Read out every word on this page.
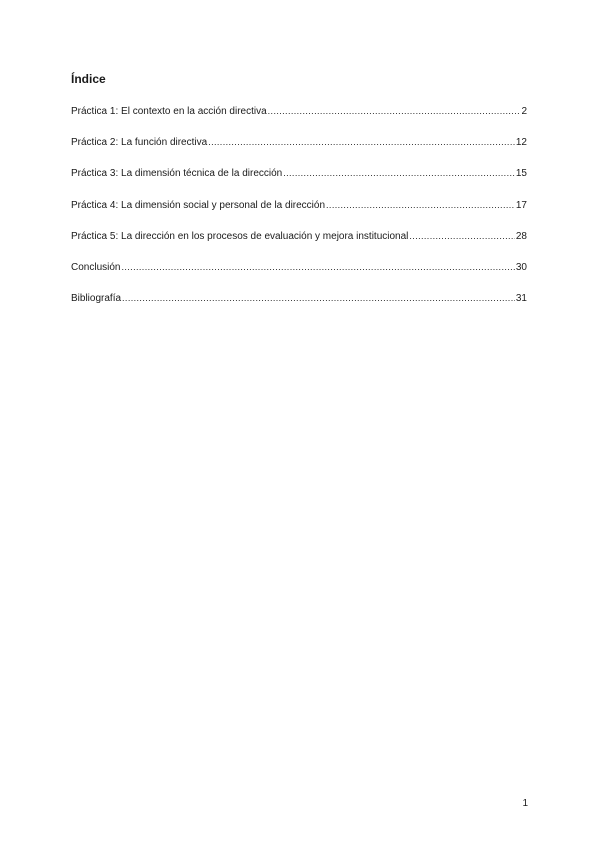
Índice
Práctica 1: El contexto en la acción directiva .....	2
Práctica 2: La función directiva .....	12
Práctica 3: La dimensión técnica de la dirección .....	15
Práctica 4: La dimensión social y personal de la dirección .....	17
Práctica 5: La dirección en los procesos de evaluación y mejora institucional .....	28
Conclusión .....	30
Bibliografía .....	31
1
